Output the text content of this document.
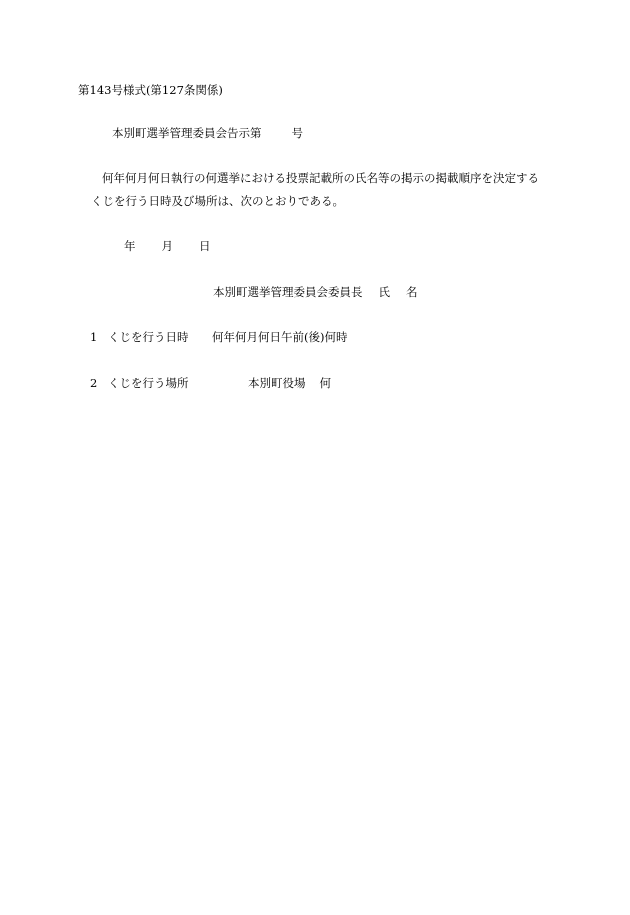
第143号様式(第127条関係)
本別町選挙管理委員会告示第	号
何年何月何日執行の何選挙における投票記載所の氏名等の掲示の掲載順序を決定する
くじを行う日時及び場所は、次のとおりである。
年 月 日
本別町選挙管理委員会委員長 氏 名
1 くじを行う日時 何年何月何日午前(後)何時
2 くじを行う場所	本別町役場 何
